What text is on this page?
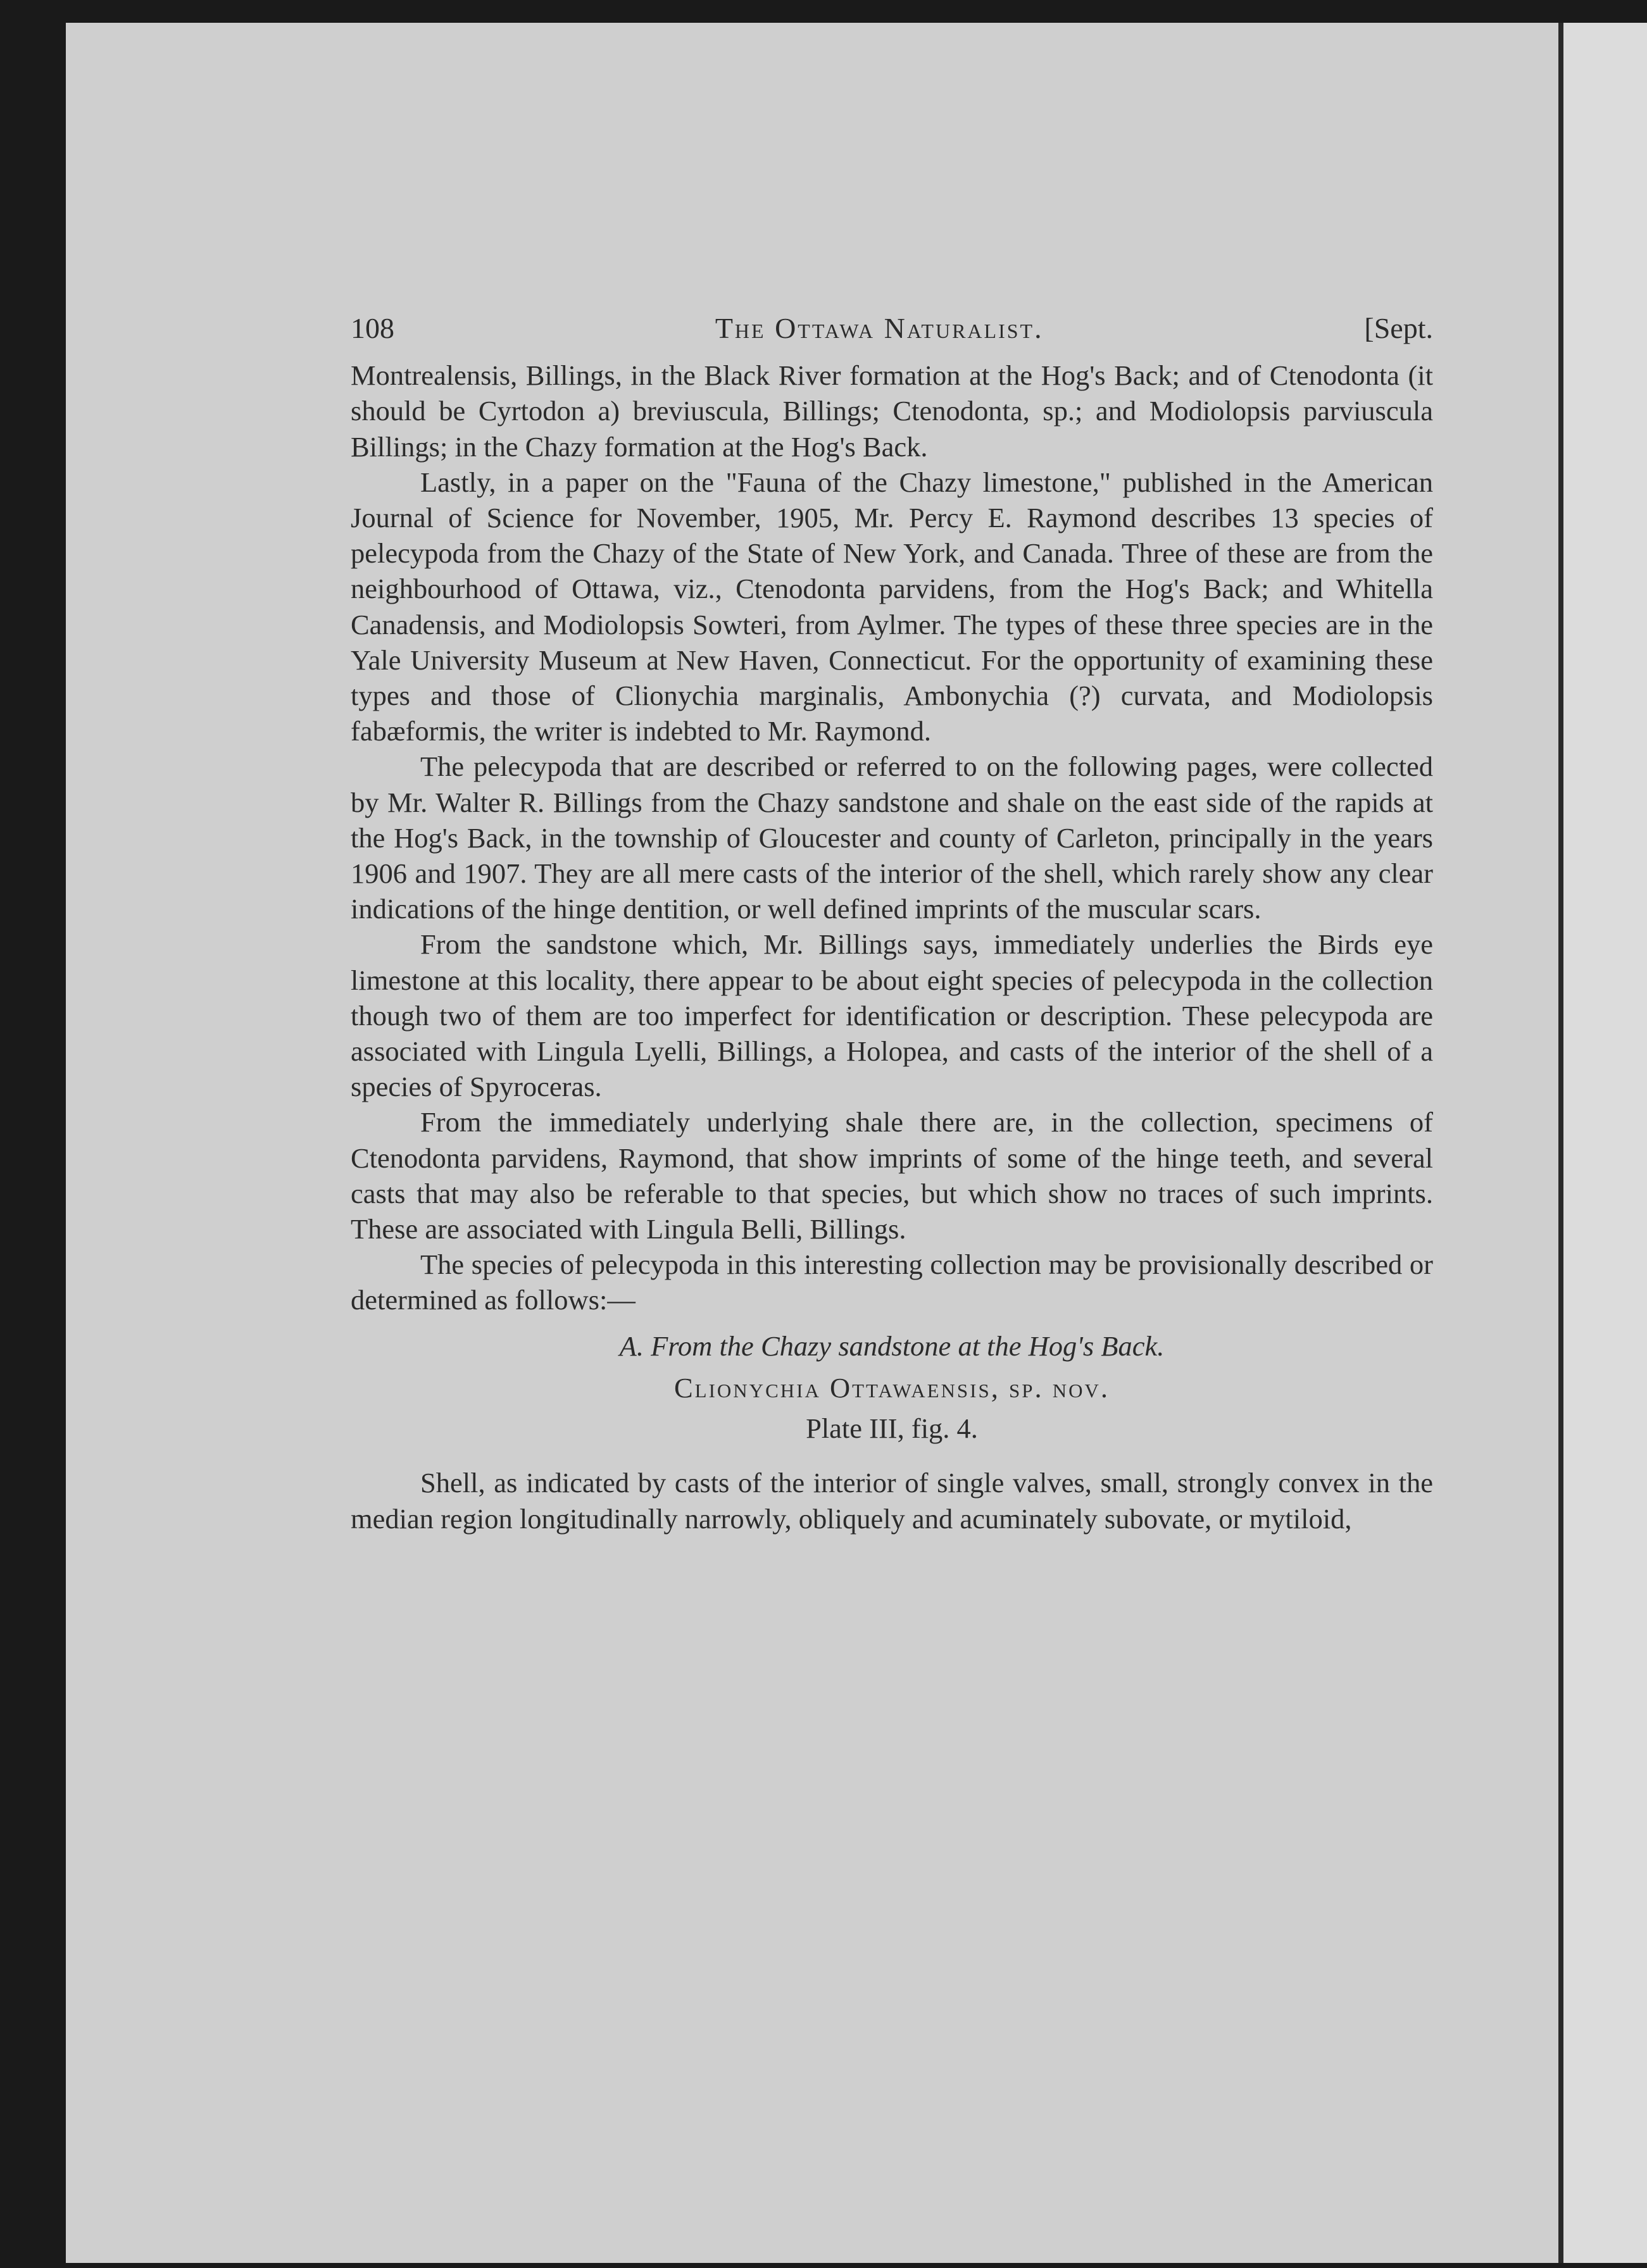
108	The Ottawa Naturalist.	[Sept.

Montrealensis, Billings, in the Black River formation at the Hog's Back; and of Ctenodonta (it should be Cyrtodon a) breviuscula, Billings; Ctenodonta, sp.; and Modiolopsis parviuscula Billings; in the Chazy formation at the Hog's Back.

Lastly, in a paper on the "Fauna of the Chazy limestone," published in the American Journal of Science for November, 1905, Mr. Percy E. Raymond describes 13 species of pelecypoda from the Chazy of the State of New York, and Canada. Three of these are from the neighbourhood of Ottawa, viz., Ctenodonta parvidens, from the Hog's Back; and Whitella Canadensis, and Modiolopsis Sowteri, from Aylmer. The types of these three species are in the Yale University Museum at New Haven, Connecticut. For the opportunity of examining these types and those of Clionychia marginalis, Ambonychia (?) curvata, and Modiolopsis fabæformis, the writer is indebted to Mr. Raymond.

The pelecypoda that are described or referred to on the following pages, were collected by Mr. Walter R. Billings from the Chazy sandstone and shale on the east side of the rapids at the Hog's Back, in the township of Gloucester and county of Carleton, principally in the years 1906 and 1907. They are all mere casts of the interior of the shell, which rarely show any clear indications of the hinge dentition, or well defined imprints of the muscular scars.

From the sandstone which, Mr. Billings says, immediately underlies the Birds eye limestone at this locality, there appear to be about eight species of pelecypoda in the collection though two of them are too imperfect for identification or description. These pelecypoda are associated with Lingula Lyelli, Billings, a Holopea, and casts of the interior of the shell of a species of Spyroceras.

From the immediately underlying shale there are, in the collection, specimens of Ctenodonta parvidens, Raymond, that show imprints of some of the hinge teeth, and several casts that may also be referable to that species, but which show no traces of such imprints. These are associated with Lingula Belli, Billings.

The species of pelecypoda in this interesting collection may be provisionally described or determined as follows:—

A. From the Chazy sandstone at the Hog's Back.

Clionychia Ottawaensis, sp. nov.

Plate III, fig. 4.

Shell, as indicated by casts of the interior of single valves, small, strongly convex in the median region longitudinally narrowly, obliquely and acuminately subovate, or mytiloid,
